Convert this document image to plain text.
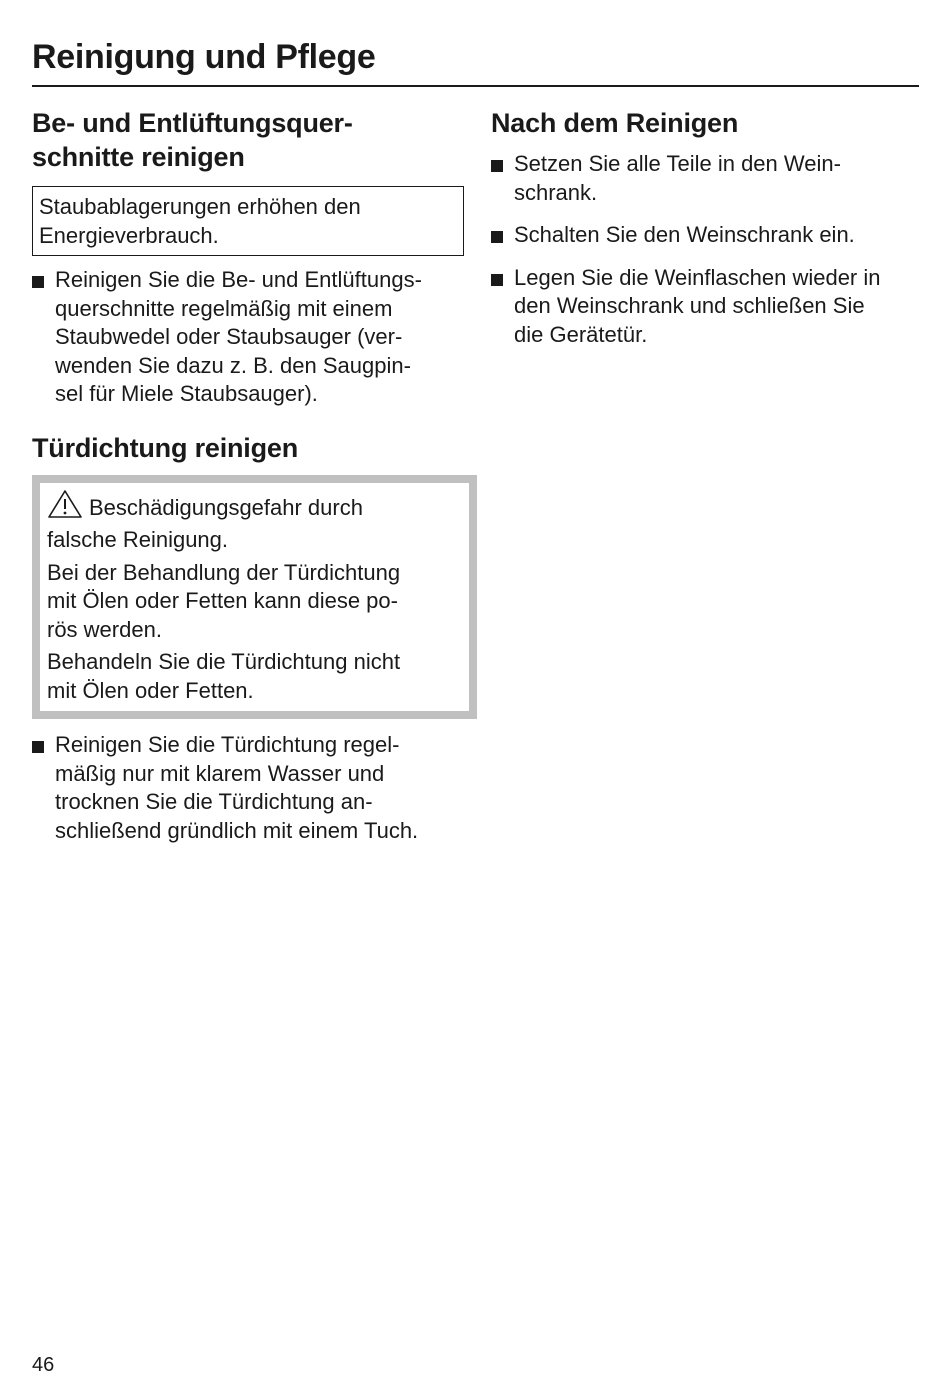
Reinigung und Pflege
Be- und Entlüftungsquer-
schnitte reinigen
Staubablagerungen erhöhen den
Energieverbrauch.
Reinigen Sie die Be- und Entlüftungs-
querschnitte regelmäßig mit einem
Staubwedel oder Staubsauger (ver-
wenden Sie dazu z. B. den Saugpin-
sel für Miele Staubsauger).
Türdichtung reinigen

Beschädigungsgefahr durch
falsche Reinigung.

Bei der Behandlung der Türdichtung
mit Ölen oder Fetten kann diese po-
rös werden.

Behandeln Sie die Türdichtung nicht
mit Ölen oder Fetten.

Reinigen Sie die Türdichtung regel-
mäßig nur mit klarem Wasser und
trocknen Sie die Türdichtung an-
schließend gründlich mit einem Tuch.
Nach dem Reinigen
Setzen Sie alle Teile in den Wein-
schrank.
Schalten Sie den Weinschrank ein.
Legen Sie die Weinflaschen wieder in
den Weinschrank und schließen Sie
die Gerätetür.
46
